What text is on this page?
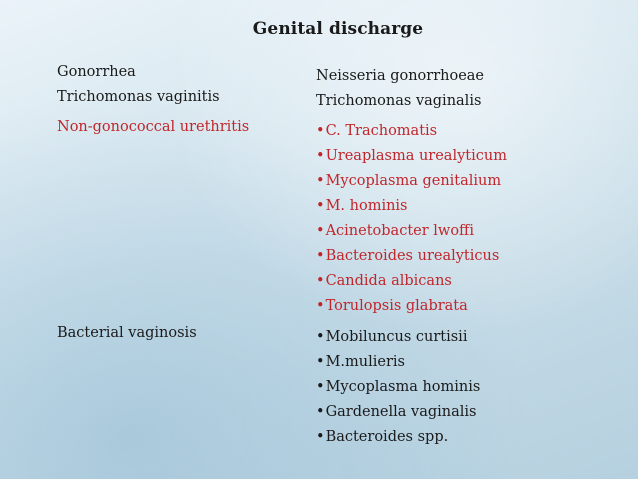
Genital discharge
Gonorrhea	Neisseria gonorrhoeae
Trichomonas vaginitis	Trichomonas vaginalis
Non-gonococcal urethritis	•C. Trachomatis
•Ureaplasma urealyticum
•Mycoplasma genitalium
•M. hominis
•Acinetobacter lwoffi
•Bacteroides urealyticus
•Candida albicans
•Torulopsis glabrata
Bacterial vaginosis	•Mobiluncus curtisii
•M.mulieris
•Mycoplasma hominis
•Gardenella vaginalis
•Bacteroides spp.
